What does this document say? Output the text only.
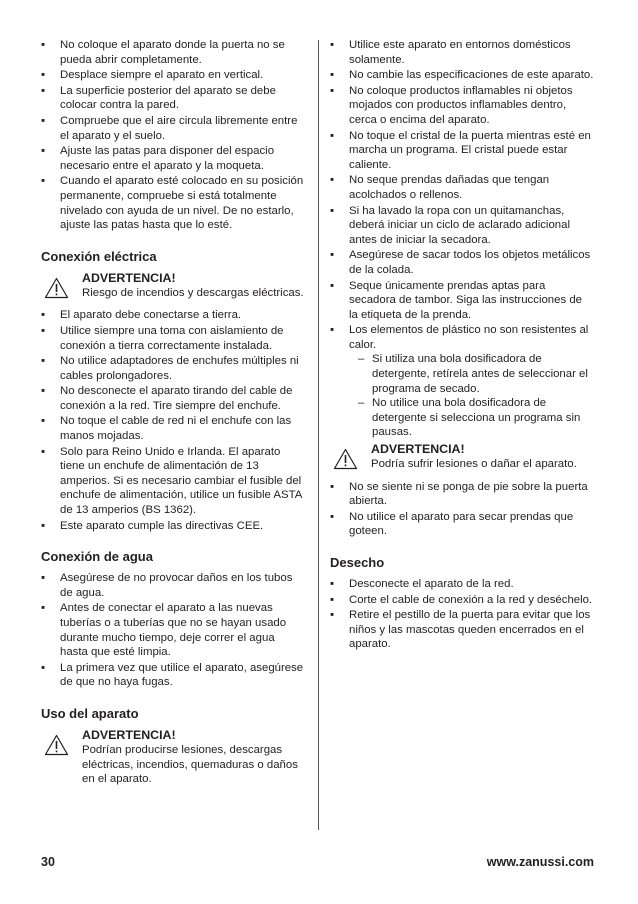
▪ No coloque el aparato donde la puerta no se pueda abrir completamente.
▪ Desplace siempre el aparato en vertical.
▪ La superficie posterior del aparato se debe colocar contra la pared.
▪ Compruebe que el aire circula libremente entre el aparato y el suelo.
▪ Ajuste las patas para disponer del espacio necesario entre el aparato y la moqueta.
▪ Cuando el aparato esté colocado en su posición permanente, compruebe si está totalmente nivelado con ayuda de un nivel. De no estarlo, ajuste las patas hasta que lo esté.
Conexión eléctrica
ADVERTENCIA!
Riesgo de incendios y descargas eléctricas.
▪ El aparato debe conectarse a tierra.
▪ Utilice siempre una toma con aislamiento de conexión a tierra correctamente instalada.
▪ No utilice adaptadores de enchufes múltiples ni cables prolongadores.
▪ No desconecte el aparato tirando del cable de conexión a la red. Tire siempre del enchufe.
▪ No toque el cable de red ni el enchufe con las manos mojadas.
▪ Solo para Reino Unido e Irlanda. El aparato tiene un enchufe de alimentación de 13 amperios. Si es necesario cambiar el fusible del enchufe de alimentación, utilice un fusible ASTA de 13 amperios (BS 1362).
▪ Este aparato cumple las directivas CEE.
Conexión de agua
▪ Asegúrese de no provocar daños en los tubos de agua.
▪ Antes de conectar el aparato a las nuevas tuberías o a tuberías que no se hayan usado durante mucho tiempo, deje correr el agua hasta que esté limpia.
▪ La primera vez que utilice el aparato, asegúrese de que no haya fugas.
Uso del aparato
ADVERTENCIA!
Podrían producirse lesiones, descargas eléctricas, incendios, quemaduras o daños en el aparato.
▪ Utilice este aparato en entornos domésticos solamente.
▪ No cambie las especificaciones de este aparato.
▪ No coloque productos inflamables ni objetos mojados con productos inflamables dentro, cerca o encima del aparato.
▪ No toque el cristal de la puerta mientras esté en marcha un programa. El cristal puede estar caliente.
▪ No seque prendas dañadas que tengan acolchados o rellenos.
▪ Si ha lavado la ropa con un quitamanchas, deberá iniciar un ciclo de aclarado adicional antes de iniciar la secadora.
▪ Asegúrese de sacar todos los objetos metálicos de la colada.
▪ Seque únicamente prendas aptas para secadora de tambor. Siga las instrucciones de la etiqueta de la prenda.
▪ Los elementos de plástico no son resistentes al calor.
– Si utiliza una bola dosificadora de detergente, retírela antes de seleccionar el programa de secado.
– No utilice una bola dosificadora de detergente si selecciona un programa sin pausas.
ADVERTENCIA!
Podría sufrir lesiones o dañar el aparato.
▪ No se siente ni se ponga de pie sobre la puerta abierta.
▪ No utilice el aparato para secar prendas que goteen.
Desecho
▪ Desconecte el aparato de la red.
▪ Corte el cable de conexión a la red y deséchelo.
▪ Retire el pestillo de la puerta para evitar que los niños y las mascotas queden encerrados en el aparato.
30	www.zanussi.com
